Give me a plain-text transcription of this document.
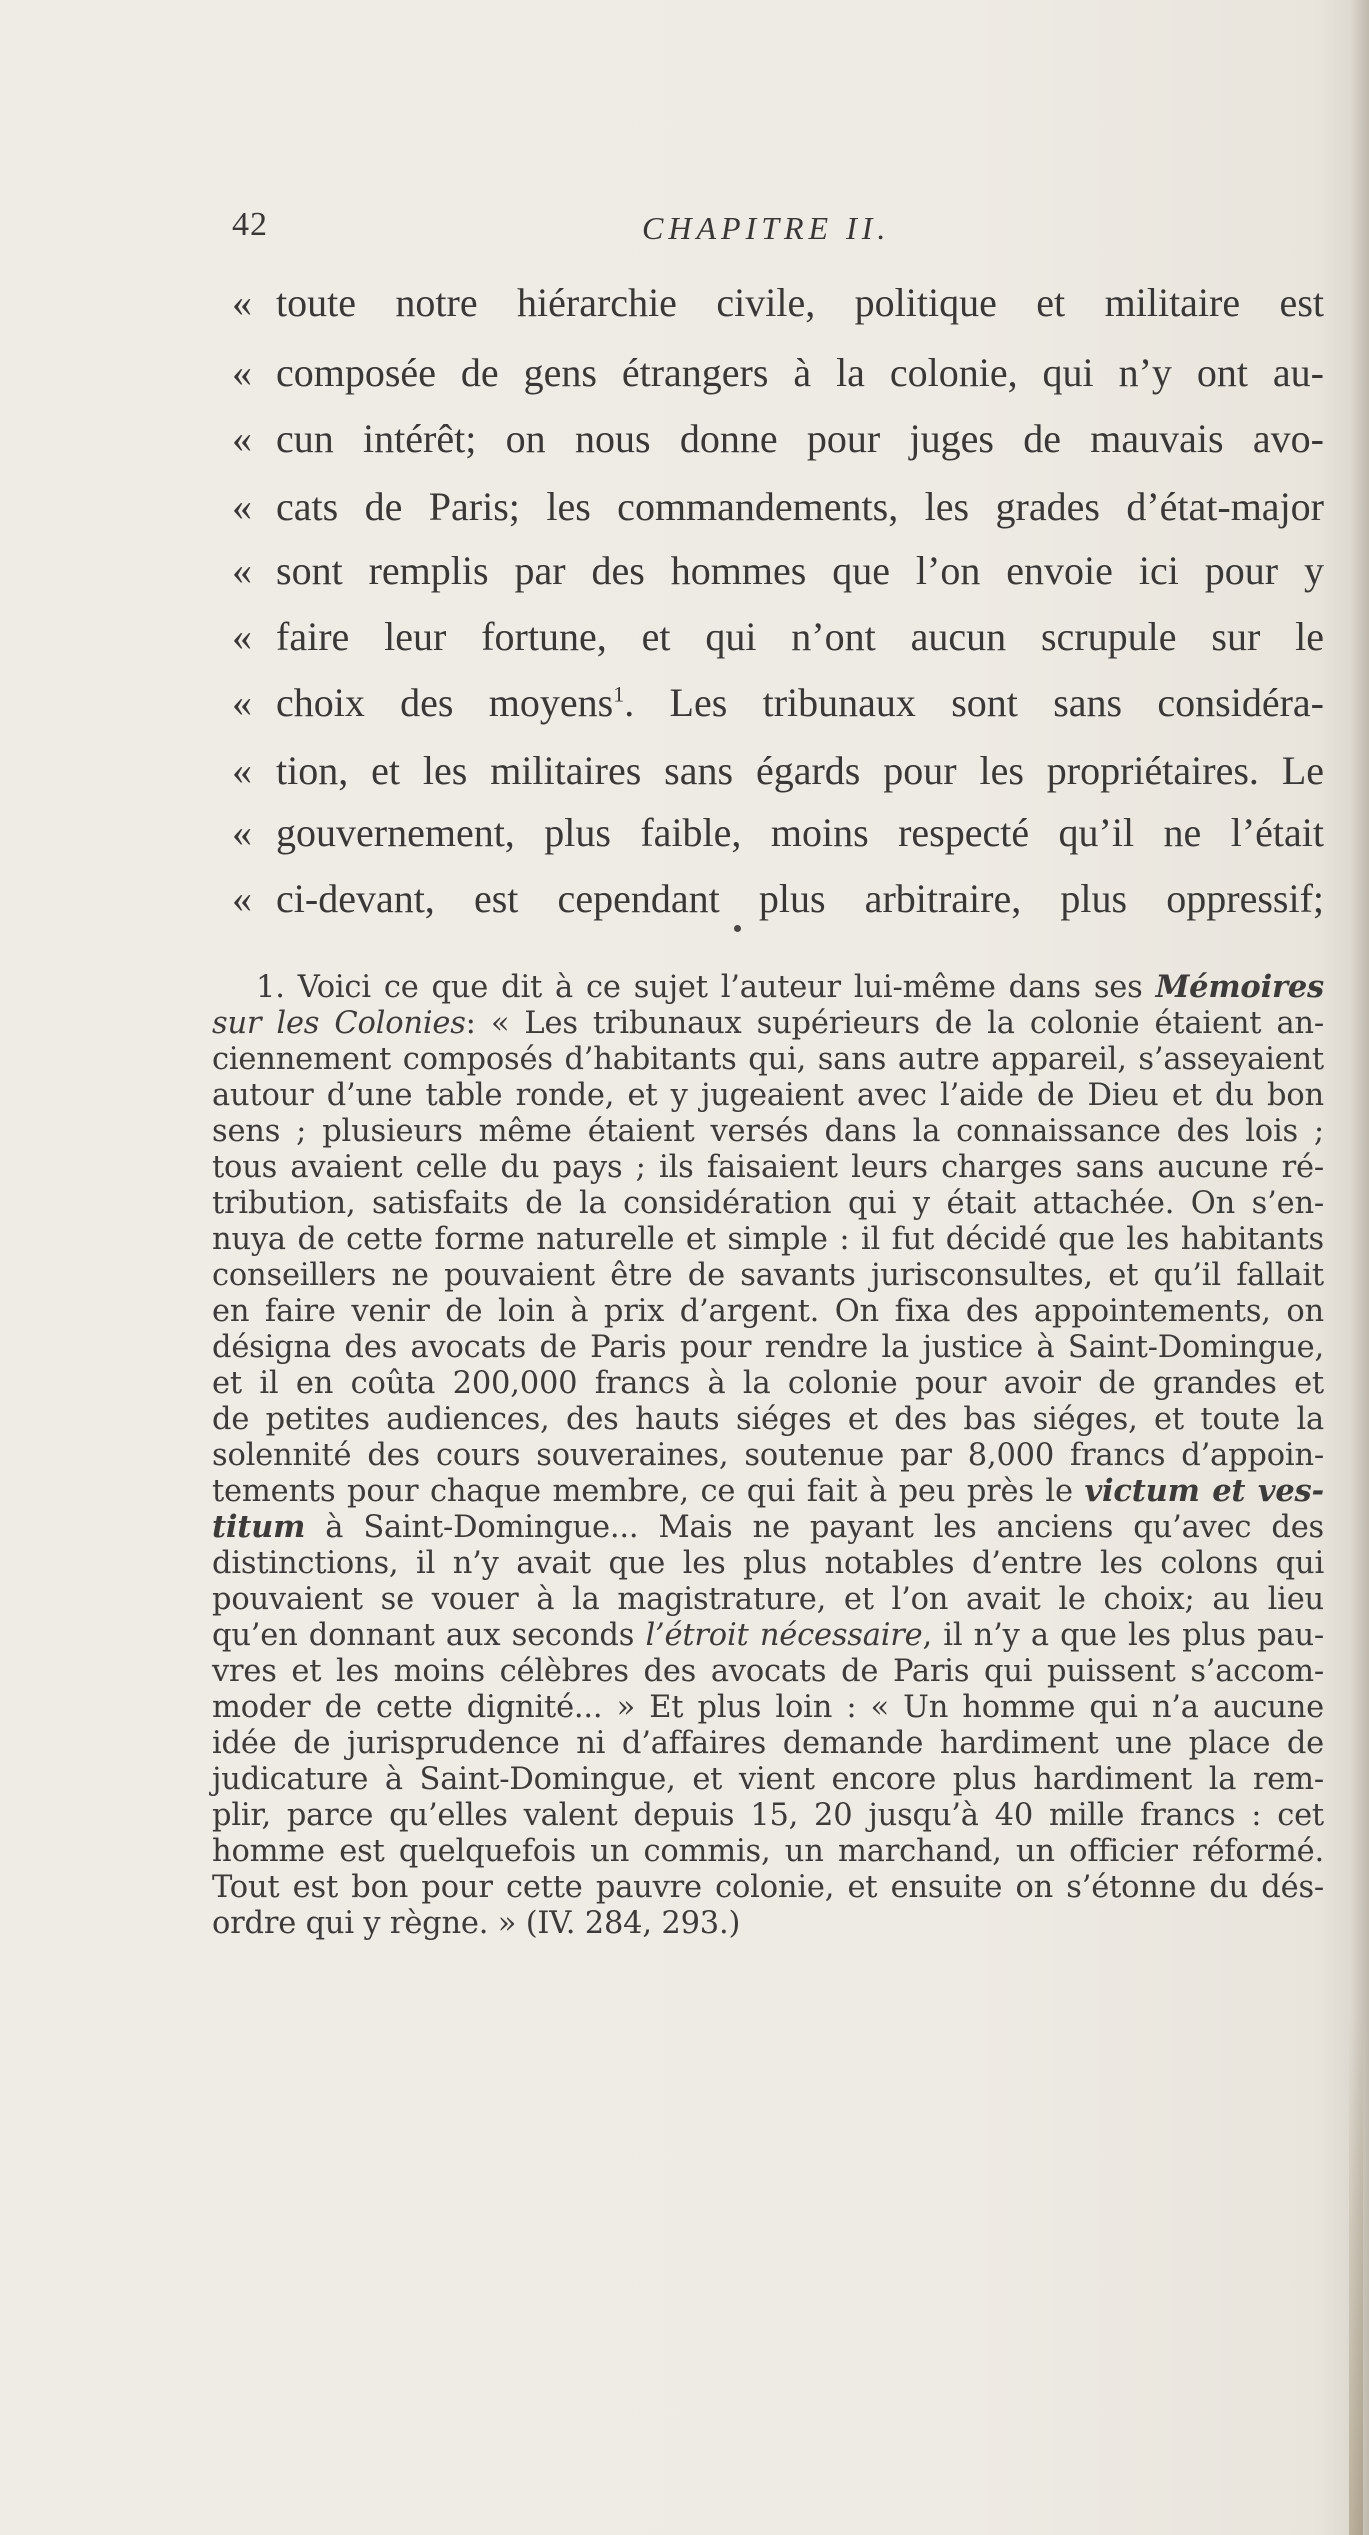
42	CHAPITRE II.
« toute notre hiérarchie civile, politique et militaire est
« composée de gens étrangers à la colonie, qui n’y ont au-
« cun intérêt; on nous donne pour juges de mauvais avo-
« cats de Paris; les commandements, les grades d’état-major
« sont remplis par des hommes que l’on envoie ici pour y
« faire leur fortune, et qui n’ont aucun scrupule sur le
« choix des moyens$^1$. Les tribunaux sont sans considéra-
« tion, et les militaires sans égards pour les propriétaires. Le
« gouvernement, plus faible, moins respecté qu’il ne l’était
« ci-devant, est cependant plus arbitraire, plus oppressif;
1. Voici ce que dit à ce sujet l’auteur lui-même dans ses Mémoires
sur les Colonies: « Les tribunaux supérieurs de la colonie étaient an-
ciennement composés d’habitants qui, sans autre appareil, s’asseyaient
autour d’une table ronde, et y jugeaient avec l’aide de Dieu et du bon
sens ; plusieurs même étaient versés dans la connaissance des lois ;
tous avaient celle du pays ; ils faisaient leurs charges sans aucune ré-
tribution, satisfaits de la considération qui y était attachée. On s’en-
nuya de cette forme naturelle et simple : il fut décidé que les habitants
conseillers ne pouvaient être de savants jurisconsultes, et qu’il fallait
en faire venir de loin à prix d’argent. On fixa des appointements, on
désigna des avocats de Paris pour rendre la justice à Saint-Domingue,
et il en coûta 200,000 francs à la colonie pour avoir de grandes et
de petites audiences, des hauts siéges et des bas siéges, et toute la
solennité des cours souveraines, soutenue par 8,000 francs d’appoin-
tements pour chaque membre, ce qui fait à peu près le victum et ves-
titum à Saint-Domingue... Mais ne payant les anciens qu’avec des
distinctions, il n’y avait que les plus notables d’entre les colons qui
pouvaient se vouer à la magistrature, et l’on avait le choix; au lieu
qu’en donnant aux seconds l’étroit nécessaire, il n’y a que les plus pau-
vres et les moins célèbres des avocats de Paris qui puissent s’accom-
moder de cette dignité... » Et plus loin : « Un homme qui n’a aucune
idée de jurisprudence ni d’affaires demande hardiment une place de
judicature à Saint-Domingue, et vient encore plus hardiment la rem-
plir, parce qu’elles valent depuis 15, 20 jusqu’à 40 mille francs : cet
homme est quelquefois un commis, un marchand, un officier réformé.
Tout est bon pour cette pauvre colonie, et ensuite on s’étonne du dés-
ordre qui y règne. » (IV. 284, 293.)
